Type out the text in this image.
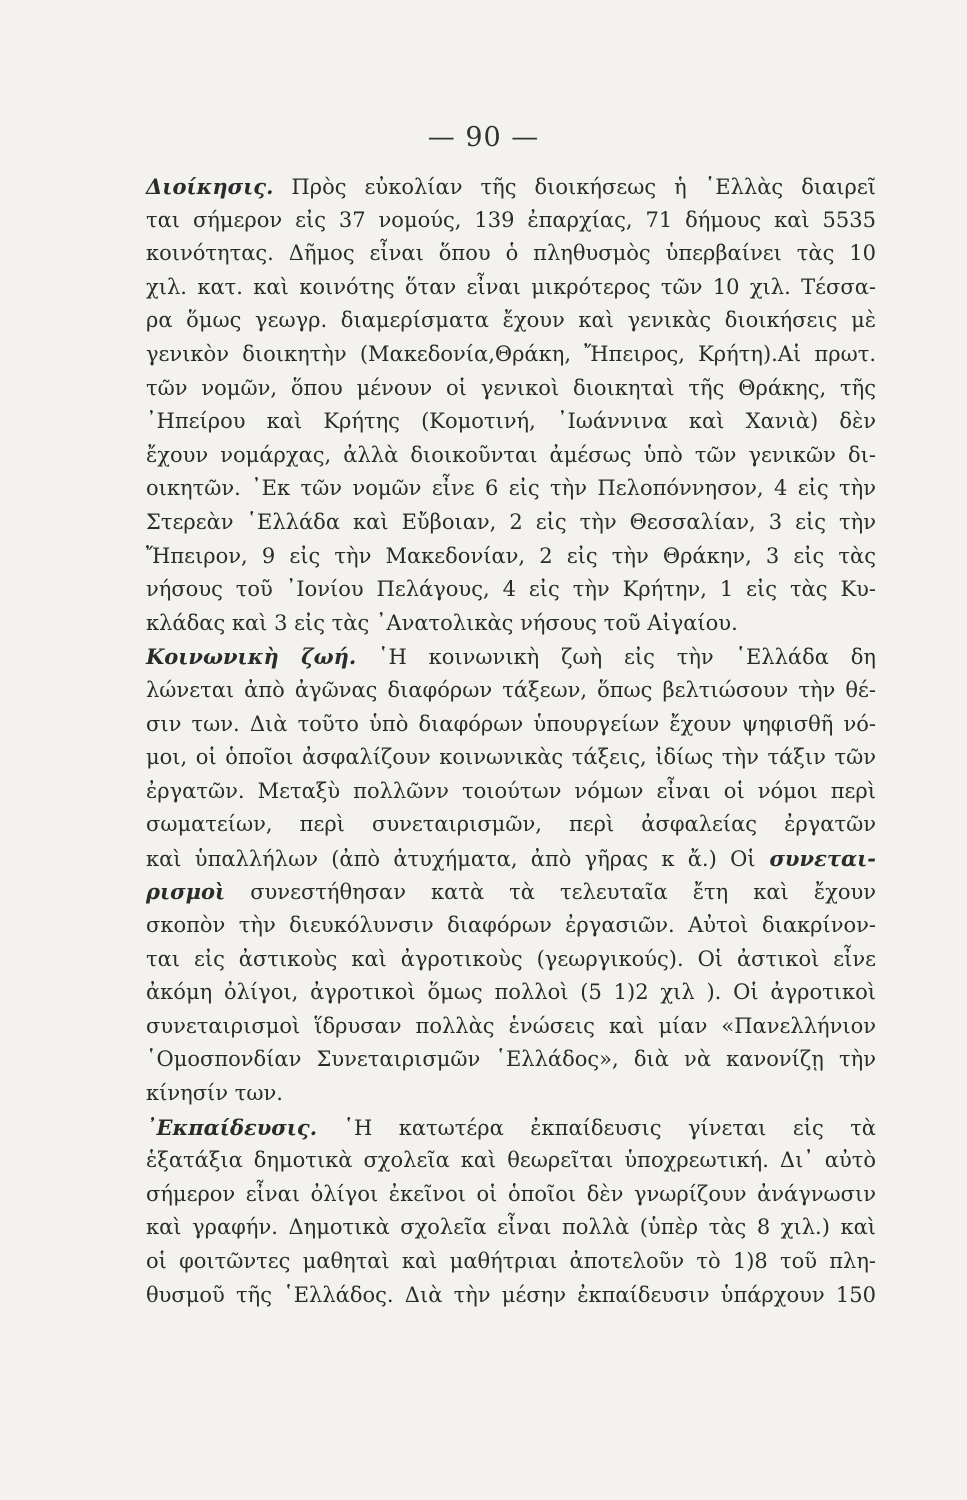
— 90 —
Διοίκησις. Πρὸς εὐκολίαν τῆς διοικήσεως ἡ ῾Ελλὰς διαιρεῖ
ται σήμερον εἰς 37 νομούς, 139 ἐπαρχίας, 71 δήμους καὶ 5535
κοινότητας. Δῆμος εἶναι ὅπου ὁ πληθυσμὸς ὑπερβαίνει τὰς 10
χιλ. κατ. καὶ κοινότης ὅταν εἶναι μικρότερος τῶν 10 χιλ. Τέσσα-
ρα ὅμως γεωγρ. διαμερίσματα ἔχουν καὶ γενικὰς διοικήσεις μὲ
γενικὸν διοικητὴν (Μακεδονία,Θράκη, Ἤπειρος, Κρήτη).Αἱ πρωτ.
τῶν νομῶν, ὅπου μένουν οἱ γενικοὶ διοικηταὶ τῆς Θράκης, τῆς
᾽Ηπείρου καὶ Κρήτης (Κομοτινή, ᾽Ιωάννινα καὶ Χανιὰ) δὲν
ἔχουν νομάρχας, ἀλλὰ διοικοῦνται ἀμέσως ὑπὸ τῶν γενικῶν δι-
οικητῶν. ᾽Εκ τῶν νομῶν εἶνε 6 εἰς τὴν Πελοπόννησον, 4 εἰς τὴν
Στερεὰν ῾Ελλάδα καὶ Εὔβοιαν, 2 εἰς τὴν Θεσσαλίαν, 3 εἰς τὴν
Ἤπειρον, 9 εἰς τὴν Μακεδονίαν, 2 εἰς τὴν Θράκην, 3 εἰς τὰς
νήσους τοῦ ᾽Ιονίου Πελάγους, 4 εἰς τὴν Κρήτην, 1 εἰς τὰς Κυ-
κλάδας καὶ 3 εἰς τὰς ᾽Ανατολικὰς νήσους τοῦ Αἰγαίου.
Κοινωνικὴ ζωή. ῾Η κοινωνικὴ ζωὴ εἰς τὴν ῾Ελλάδα δη
λώνεται ἀπὸ ἀγῶνας διαφόρων τάξεων, ὅπως βελτιώσουν τὴν θέ-
σιν των. Διὰ τοῦτο ὑπὸ διαφόρων ὑπουργείων ἔχουν ψηφισθῆ νό-
μοι, οἱ ὁποῖοι ἀσφαλίζουν κοινωνικὰς τάξεις, ἰδίως τὴν τάξιν τῶν
ἐργατῶν. Μεταξὺ πολλῶνν τοιούτων νόμων εἶναι οἱ νόμοι περὶ
σωματείων, περὶ συνεταιρισμῶν, περὶ ἀσφαλείας ἐργατῶν
καὶ ὑπαλλήλων (ἀπὸ ἀτυχήματα, ἀπὸ γῆρας κ ἄ.) Οἱ συνεται-
ρισμοὶ συνεστήθησαν κατὰ τὰ τελευταῖα ἔτη καὶ ἔχουν
σκοπὸν τὴν διευκόλυνσιν διαφόρων ἐργασιῶν. Αὐτοὶ διακρίνον-
ται εἰς ἀστικοὺς καὶ ἀγροτικοὺς (γεωργικούς). Οἱ ἀστικοὶ εἶνε
ἀκόμη ὀλίγοι, ἀγροτικοὶ ὅμως πολλοὶ (5 1)2 χιλ ). Οἱ ἀγροτικοὶ
συνεταιρισμοὶ ἵδρυσαν πολλὰς ἑνώσεις καὶ μίαν «Πανελλήνιον
῾Ομοσπονδίαν Συνεταιρισμῶν ῾Ελλάδος», διὰ νὰ κανονίζῃ τὴν
κίνησίν των.
᾽Εκπαίδευσις. ῾Η κατωτέρα ἐκπαίδευσις γίνεται εἰς τὰ
ἑξατάξια δημοτικὰ σχολεῖα καὶ θεωρεῖται ὑποχρεωτική. Δι᾽ αὐτὸ
σήμερον εἶναι ὀλίγοι ἐκεῖνοι οἱ ὁποῖοι δὲν γνωρίζουν ἀνάγνωσιν
καὶ γραφήν. Δημοτικὰ σχολεῖα εἶναι πολλὰ (ὑπὲρ τὰς 8 χιλ.) καὶ
οἱ φοιτῶντες μαθηταὶ καὶ μαθήτριαι ἀποτελοῦν τὸ 1)8 τοῦ πλη-
θυσμοῦ τῆς ῾Ελλάδος. Διὰ τὴν μέσην ἐκπαίδευσιν ὑπάρχουν 150
